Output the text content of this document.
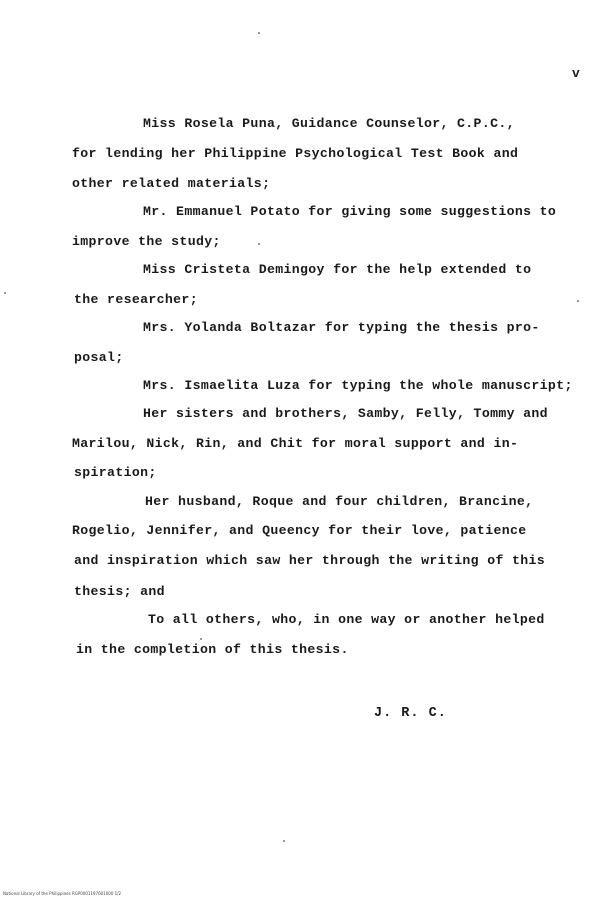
v
Miss Rosela Puna, Guidance Counselor, C.P.C.,
for lending her Philippine Psychological Test Book and
other related materials;
Mr. Emmanuel Potato for giving some suggestions to
improve the study;
Miss Cristeta Demingoy for the help extended to
the researcher;
Mrs. Yolanda Boltazar for typing the thesis pro-
posal;
Mrs. Ismaelita Luza for typing the whole manuscript;
Her sisters and brothers, Samby, Felly, Tommy and
Marilou, Nick, Rin, and Chit for moral support and in-
spiration;
Her husband, Roque and four children, Brancine,
Rogelio, Jennifer, and Queency for their love, patience
and inspiration which saw her through the writing of this
thesis; and
To all others, who, in one way or another helped
in the completion of this thesis.
J. R. C.
National Library of the Philippines RGP0001197601000 1/2
